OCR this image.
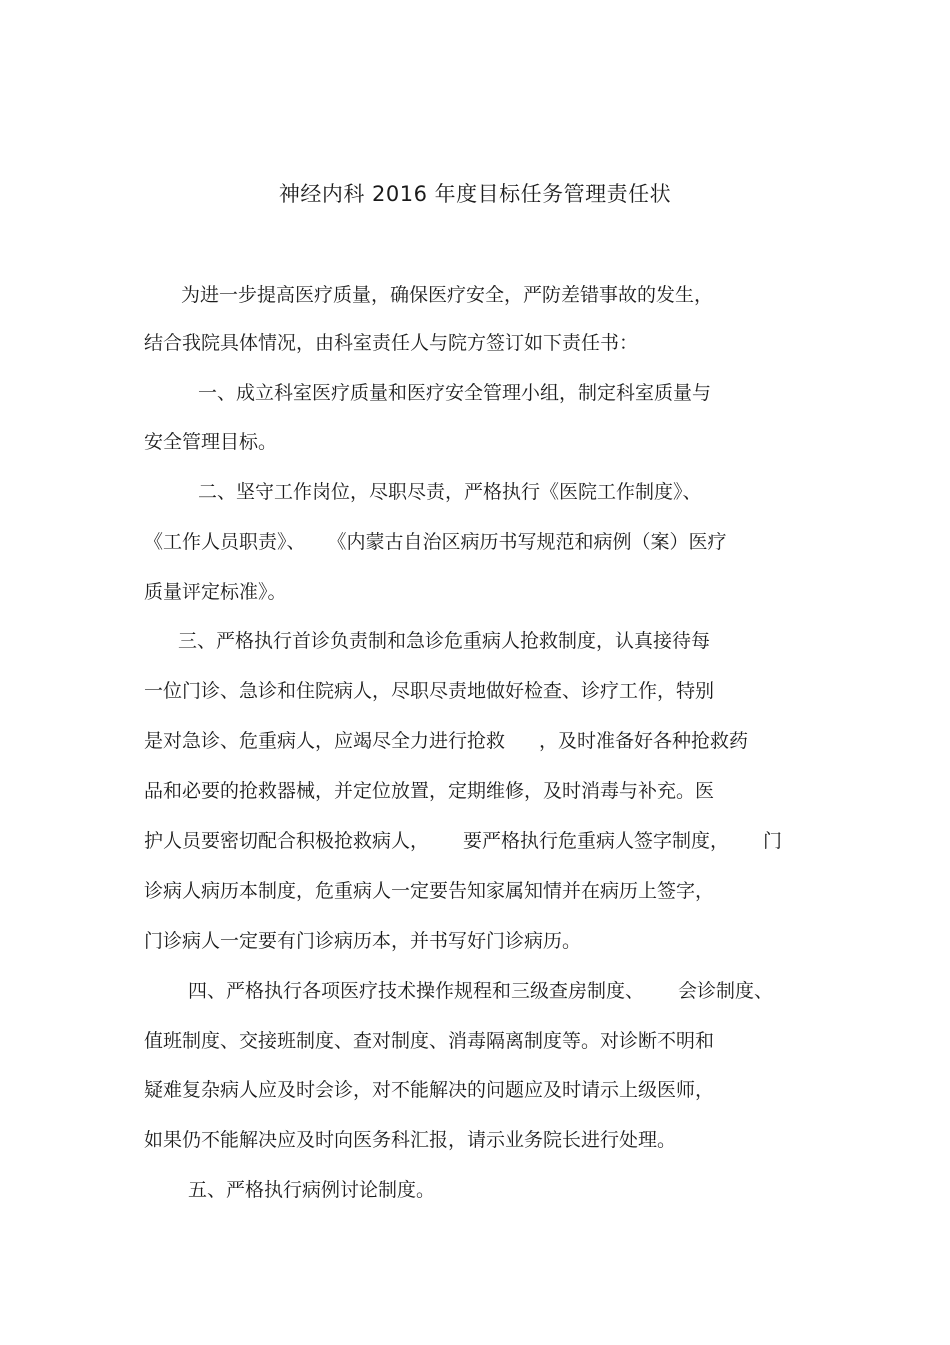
神经内科 2016 年度目标任务管理责任状
为进一步提高医疗质量，确保医疗安全，严防差错事故的发生，
结合我院具体情况，由科室责任人与院方签订如下责任书：
一、成立科室医疗质量和医疗安全管理小组，制定科室质量与
安全管理目标。
二、坚守工作岗位，尽职尽责，严格执行《医院工作制度》、
《工作人员职责》、 《内蒙古自治区病历书写规范和病例（案）医疗
质量评定标准》。
三、严格执行首诊负责制和急诊危重病人抢救制度，认真接待每
一位门诊、急诊和住院病人，尽职尽责地做好检查、诊疗工作，特别
是对急诊、危重病人，应竭尽全力进行抢救 ，及时准备好各种抢救药
品和必要的抢救器械，并定位放置，定期维修，及时消毒与补充。医
护人员要密切配合积极抢救病人， 要严格执行危重病人签字制度， 门
诊病人病历本制度，危重病人一定要告知家属知情并在病历上签字，
门诊病人一定要有门诊病历本，并书写好门诊病历。
四、严格执行各项医疗技术操作规程和三级查房制度、 会诊制度、
值班制度、交接班制度、查对制度、消毒隔离制度等。对诊断不明和
疑难复杂病人应及时会诊，对不能解决的问题应及时请示上级医师，
如果仍不能解决应及时向医务科汇报，请示业务院长进行处理。
五、严格执行病例讨论制度。
